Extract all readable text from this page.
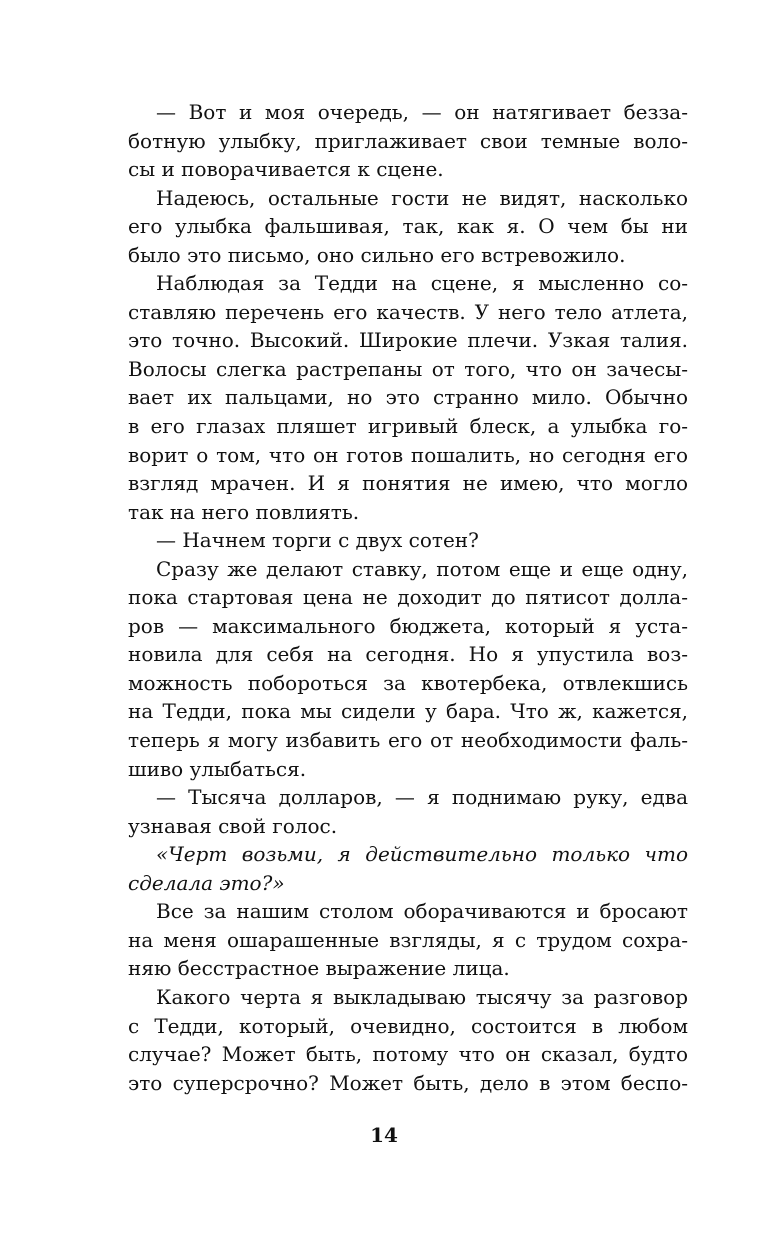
— Вот и моя очередь, — он натягивает безза-
ботную улыбку, приглаживает свои темные воло-
сы и поворачивается к сцене.
Надеюсь, остальные гости не видят, насколько
его улыбка фальшивая, так, как я. О чем бы ни
было это письмо, оно сильно его встревожило.
Наблюдая за Тедди на сцене, я мысленно со-
ставляю перечень его качеств. У него тело атлета,
это точно. Высокий. Широкие плечи. Узкая талия.
Волосы слегка растрепаны от того, что он зачесы-
вает их пальцами, но это странно мило. Обычно
в его глазах пляшет игривый блеск, а улыбка го-
ворит о том, что он готов пошалить, но сегодня его
взгляд мрачен. И я понятия не имею, что могло
так на него повлиять.
— Начнем торги с двух сотен?
Сразу же делают ставку, потом еще и еще одну,
пока стартовая цена не доходит до пятисот долла-
ров — максимального бюджета, который я уста-
новила для себя на сегодня. Но я упустила воз-
можность побороться за квотербека, отвлекшись
на Тедди, пока мы сидели у бара. Что ж, кажется,
теперь я могу избавить его от необходимости фаль-
шиво улыбаться.
— Тысяча долларов, — я поднимаю руку, едва
узнавая свой голос.
«Черт возьми, я действительно только что
сделала это?»
Все за нашим столом оборачиваются и бросают
на меня ошарашенные взгляды, я с трудом сохра-
няю бесстрастное выражение лица.
Какого черта я выкладываю тысячу за разговор
с Тедди, который, очевидно, состоится в любом
случае? Может быть, потому что он сказал, будто
это суперсрочно? Может быть, дело в этом беспо-
14
